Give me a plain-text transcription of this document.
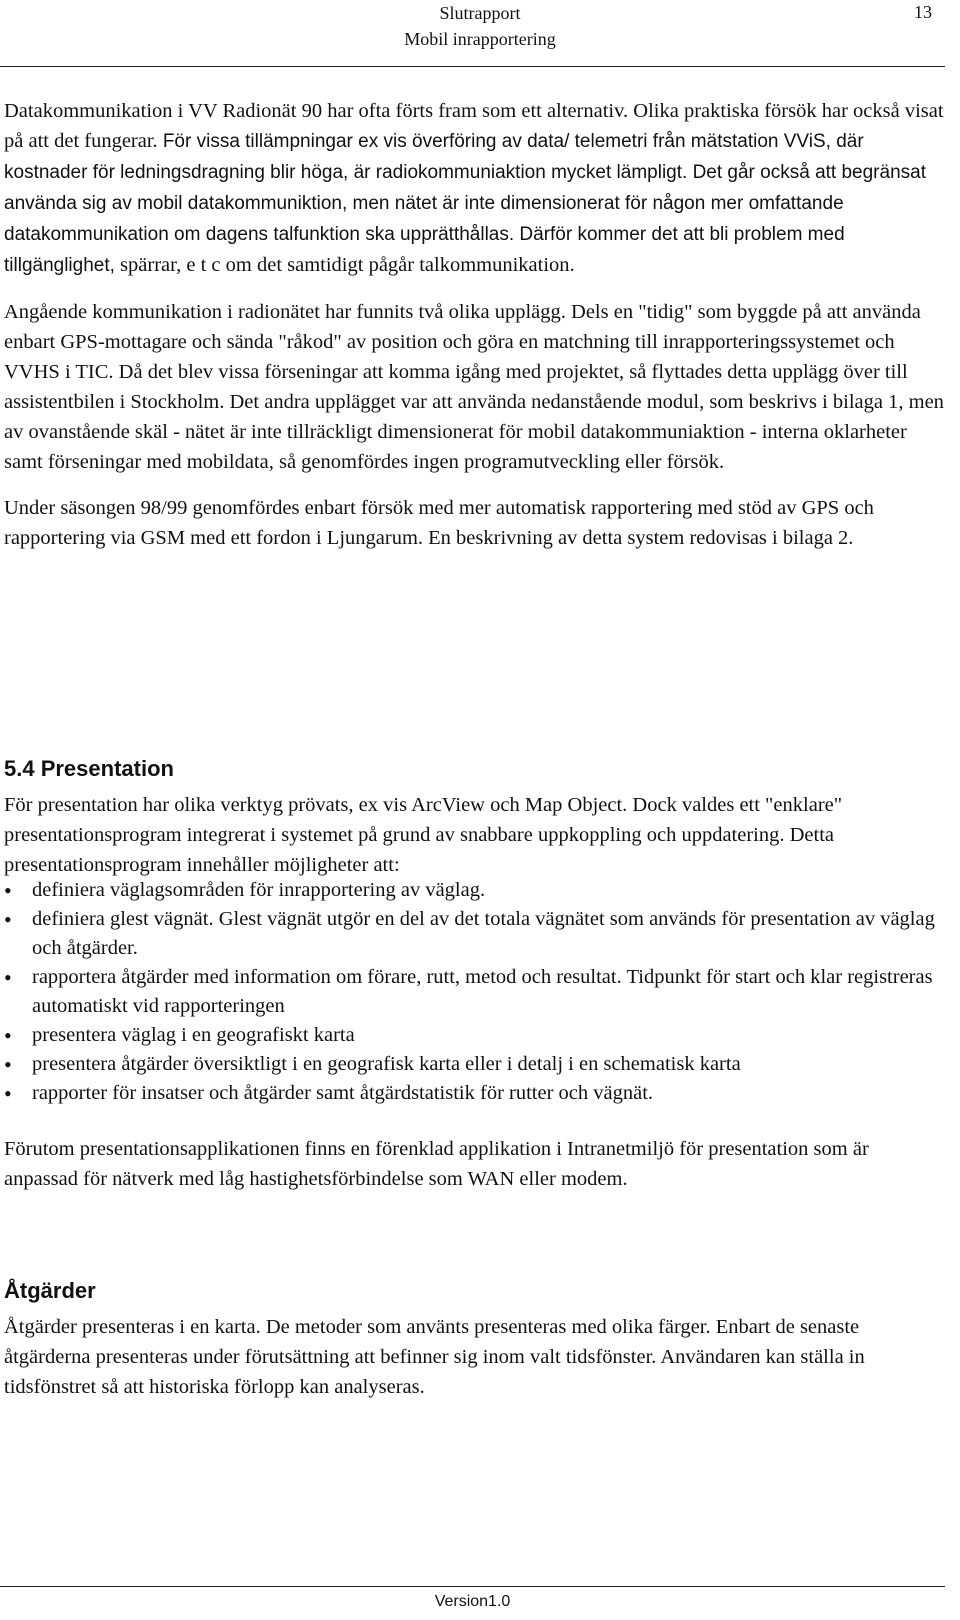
Slutrapport
Mobil inrapportering
13

Datakommunikation i VV Radionät 90 har ofta förts fram som ett alternativ. Olika praktiska försök har också visat på att det fungerar. För vissa tillämpningar ex vis överföring av data/ telemetri från mätstation VViS, där kostnader för ledningsdragning blir höga, är radiokommuniaktion mycket lämpligt. Det går också att begränsat använda sig av mobil datakommuniktion, men nätet är inte dimensionerat för någon mer omfattande datakommunikation om dagens talfunktion ska upprätthållas. Därför kommer det att bli problem med tillgänglighet, spärrar, e t c om det samtidigt pågår talkommunikation.

Angående kommunikation i radionätet har funnits två olika upplägg. Dels en "tidig" som byggde på att använda enbart GPS-mottagare och sända "råkod" av position och göra en matchning till inrapporteringssystemet och VVHS i TIC. Då det blev vissa förseningar att komma igång med projektet, så flyttades detta upplägg över till assistentbilen i Stockholm. Det andra upplägget var att använda nedanstående modul, som beskrivs i bilaga 1, men av ovanstående skäl - nätet är inte tillräckligt dimensionerat för mobil datakommuniaktion - interna oklarheter samt förseningar med mobildata, så genomfördes ingen programutveckling eller försök.

Under säsongen 98/99 genomfördes enbart försök med mer automatisk rapportering med stöd av GPS och rapportering via GSM med ett fordon i Ljungarum. En beskrivning av detta system redovisas i bilaga 2.

5.4 Presentation

För presentation har olika verktyg prövats, ex vis ArcView och Map Object. Dock valdes ett "enklare" presentationsprogram integrerat i systemet på grund av snabbare uppkoppling och uppdatering. Detta presentationsprogram innehåller möjligheter att:

• definiera väglagsområden för inrapportering av väglag.
• definiera glest vägnät. Glest vägnät utgör en del av det totala vägnätet som används för presentation av väglag och åtgärder.
• rapportera åtgärder med information om förare, rutt, metod och resultat. Tidpunkt för start och klar registreras automatiskt vid rapporteringen
• presentera väglag i en geografiskt karta
• presentera åtgärder översiktligt i en geografisk karta eller i detalj i en schematisk karta
• rapporter för insatser och åtgärder samt åtgärdstatistik för rutter och vägnät.

Förutom presentationsapplikationen finns en förenklad applikation i Intranetmiljö för presentation som är anpassad för nätverk med låg hastighetsförbindelse som WAN eller modem.

Åtgärder

Åtgärder presenteras i en karta. De metoder som använts presenteras med olika färger. Enbart de senaste åtgärderna presenteras under förutsättning att befinner sig inom valt tidsfönster. Användaren kan ställa in tidsfönstret så att historiska förlopp kan analyseras.

Version1.0
